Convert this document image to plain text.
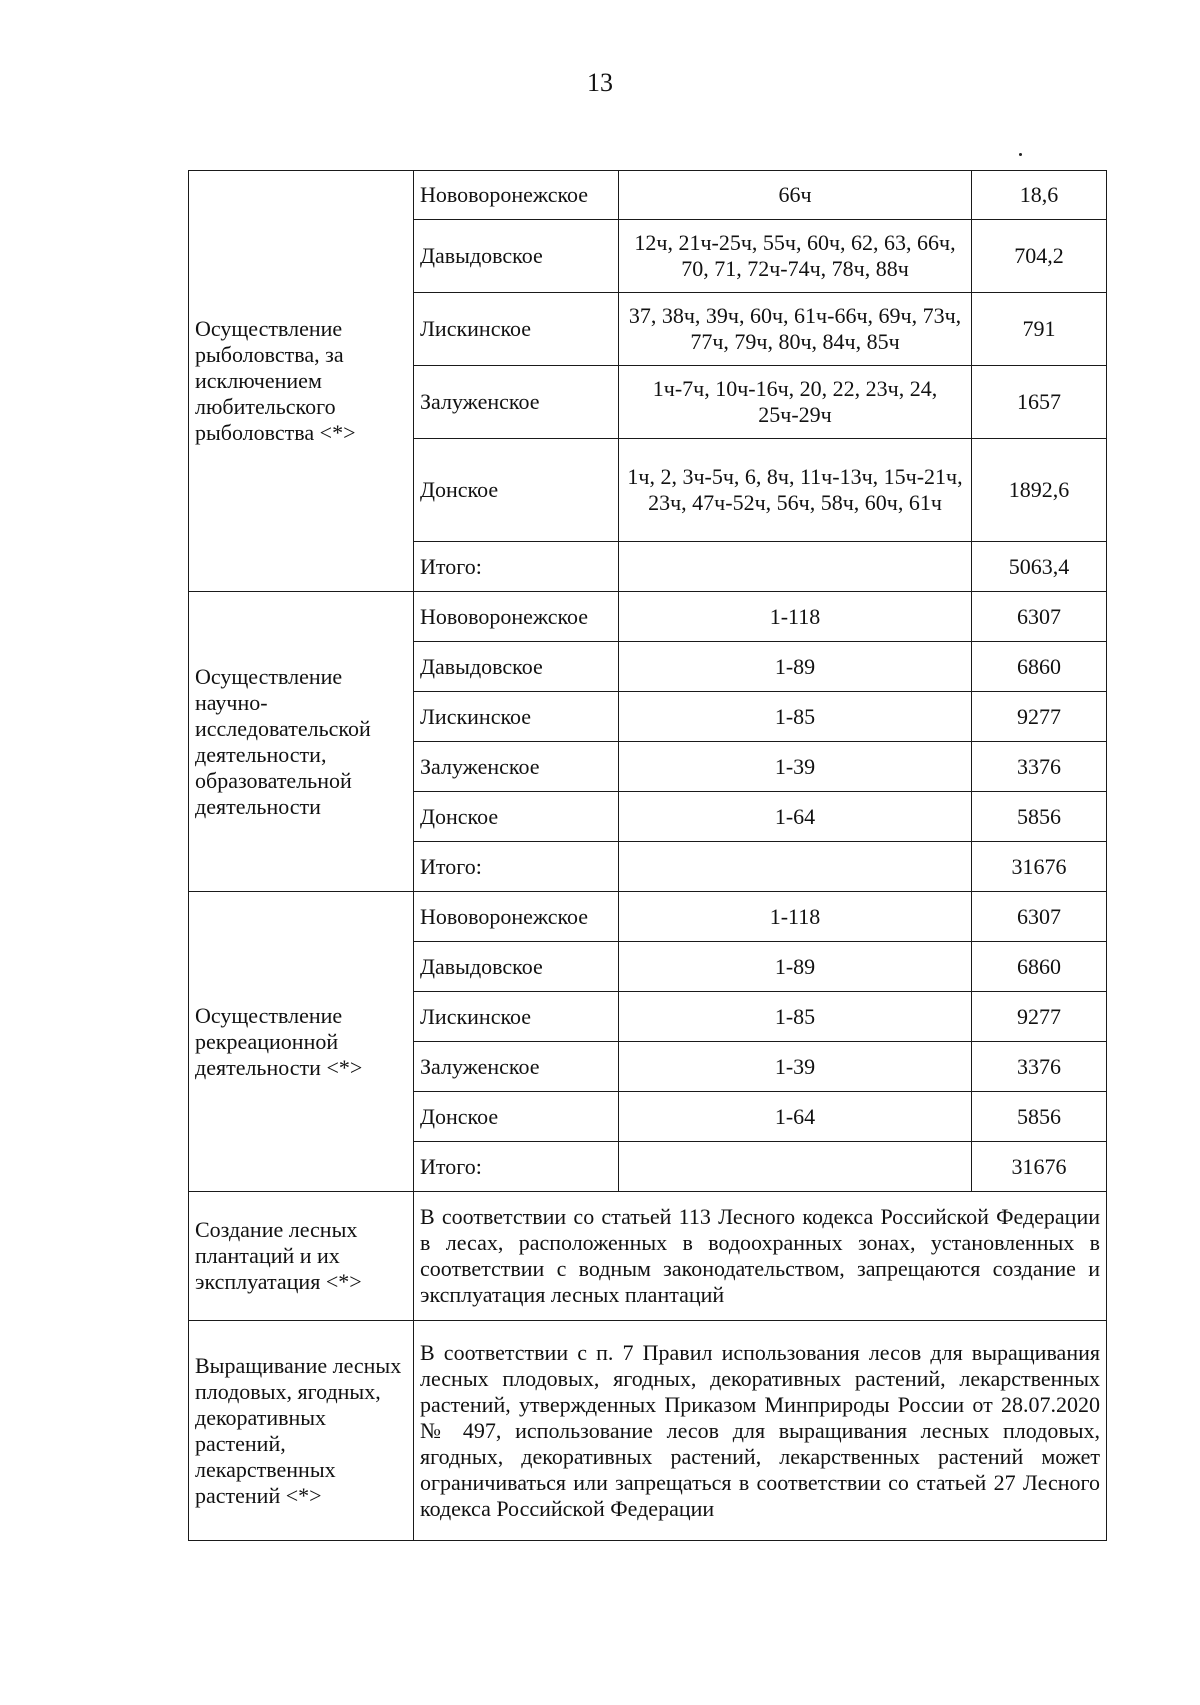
13
Осуществление рыболовства, за исключением любительского рыболовства <*>	Нововоронежское	66ч	18,6
	Давыдовское	12ч, 21ч-25ч, 55ч, 60ч, 62, 63, 66ч, 70, 71, 72ч-74ч, 78ч, 88ч	704,2
	Лискинское	37, 38ч, 39ч, 60ч, 61ч-66ч, 69ч, 73ч, 77ч, 79ч, 80ч, 84ч, 85ч	791
	Залуженское	1ч-7ч, 10ч-16ч, 20, 22, 23ч, 24, 25ч-29ч	1657
	Донское	1ч, 2, 3ч-5ч, 6, 8ч, 11ч-13ч, 15ч-21ч, 23ч, 47ч-52ч, 56ч, 58ч, 60ч, 61ч	1892,6
	Итого:		5063,4
Осуществление научно-исследовательской деятельности, образовательной деятельности	Нововоронежское	1-118	6307
	Давыдовское	1-89	6860
	Лискинское	1-85	9277
	Залуженское	1-39	3376
	Донское	1-64	5856
	Итого:		31676
Осуществление рекреационной деятельности <*>	Нововоронежское	1-118	6307
	Давыдовское	1-89	6860
	Лискинское	1-85	9277
	Залуженское	1-39	3376
	Донское	1-64	5856
	Итого:		31676
Создание лесных плантаций и их эксплуатация <*>	В соответствии со статьей 113 Лесного кодекса Российской Федерации в лесах, расположенных в водоохранных зонах, установленных в соответствии с водным законодательством, запрещаются создание и эксплуатация лесных плантаций		
Выращивание лесных плодовых, ягодных, декоративных растений, лекарственных растений <*>	В соответствии с п. 7 Правил использования лесов для выращивания лесных плодовых, ягодных, декоративных растений, лекарственных растений, утвержденных Приказом Минприроды России от 28.07.2020 № 497, использование лесов для выращивания лесных плодовых, ягодных, декоративных растений, лекарственных растений может ограничиваться или запрещаться в соответствии со статьей 27 Лесного кодекса Российской Федерации		
